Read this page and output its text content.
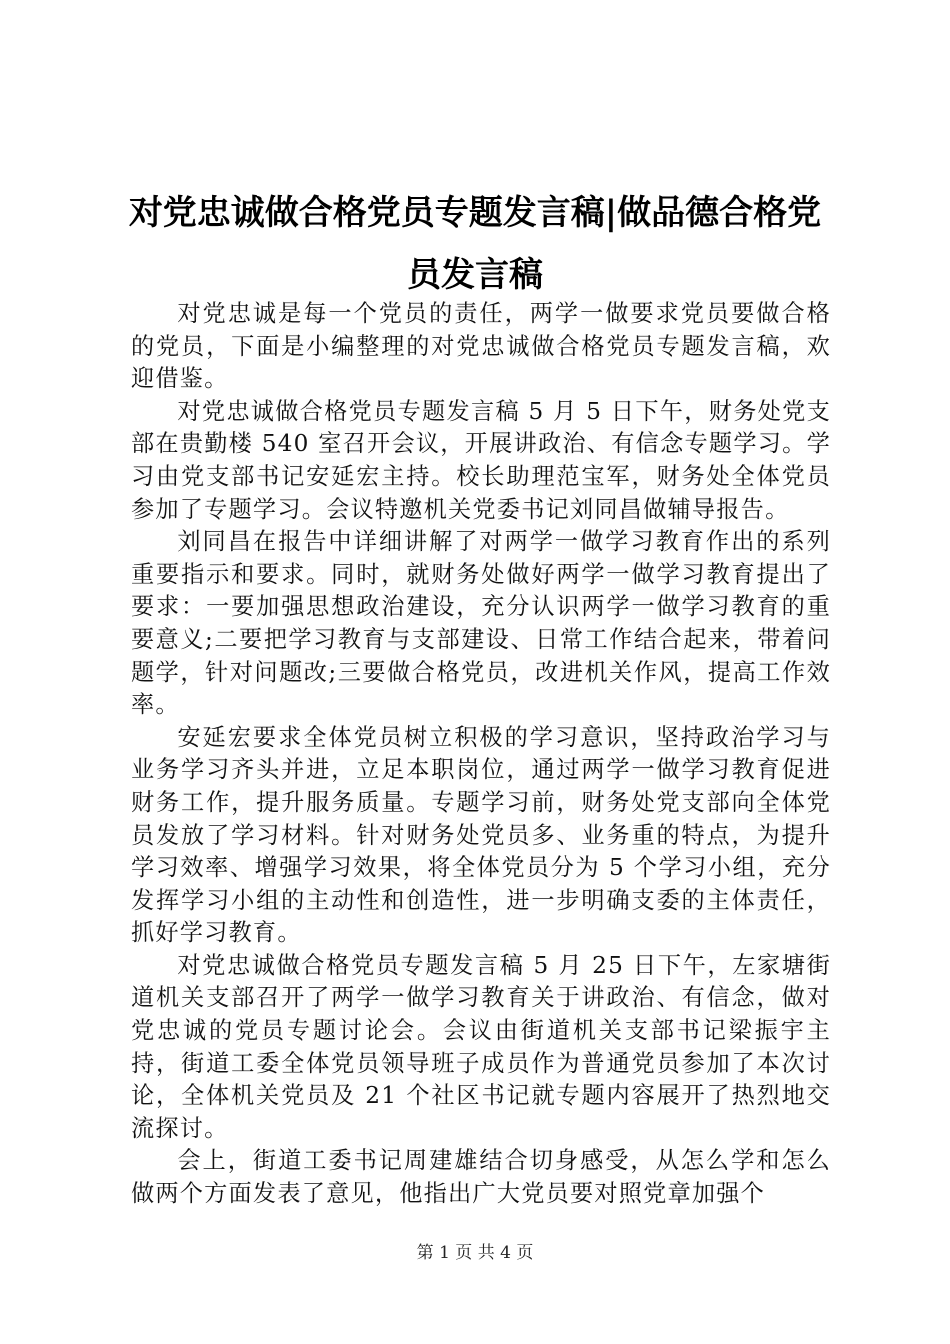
对党忠诚做合格党员专题发言稿|做品德合格党员发言稿

对党忠诚是每一个党员的责任，两学一做要求党员要做合格的党员，下面是小编整理的对党忠诚做合格党员专题发言稿，欢迎借鉴。

对党忠诚做合格党员专题发言稿 5 月 5 日下午，财务处党支部在贵勤楼 540 室召开会议，开展讲政治、有信念专题学习。学习由党支部书记安延宏主持。校长助理范宝军，财务处全体党员参加了专题学习。会议特邀机关党委书记刘同昌做辅导报告。

刘同昌在报告中详细讲解了对两学一做学习教育作出的系列重要指示和要求。同时，就财务处做好两学一做学习教育提出了要求：一要加强思想政治建设，充分认识两学一做学习教育的重要意义;二要把学习教育与支部建设、日常工作结合起来，带着问题学，针对问题改;三要做合格党员，改进机关作风，提高工作效率。

安延宏要求全体党员树立积极的学习意识，坚持政治学习与业务学习齐头并进，立足本职岗位，通过两学一做学习教育促进财务工作，提升服务质量。专题学习前，财务处党支部向全体党员发放了学习材料。针对财务处党员多、业务重的特点，为提升学习效率、增强学习效果，将全体党员分为 5 个学习小组，充分发挥学习小组的主动性和创造性，进一步明确支委的主体责任，抓好学习教育。

对党忠诚做合格党员专题发言稿 5 月 25 日下午，左家塘街道机关支部召开了两学一做学习教育关于讲政治、有信念，做对党忠诚的党员专题讨论会。会议由街道机关支部书记梁振宇主持，街道工委全体党员领导班子成员作为普通党员参加了本次讨论，全体机关党员及 21 个社区书记就专题内容展开了热烈地交流探讨。

会上，街道工委书记周建雄结合切身感受，从怎么学和怎么做两个方面发表了意见，他指出广大党员要对照党章加强个

第 1 页 共 4 页
